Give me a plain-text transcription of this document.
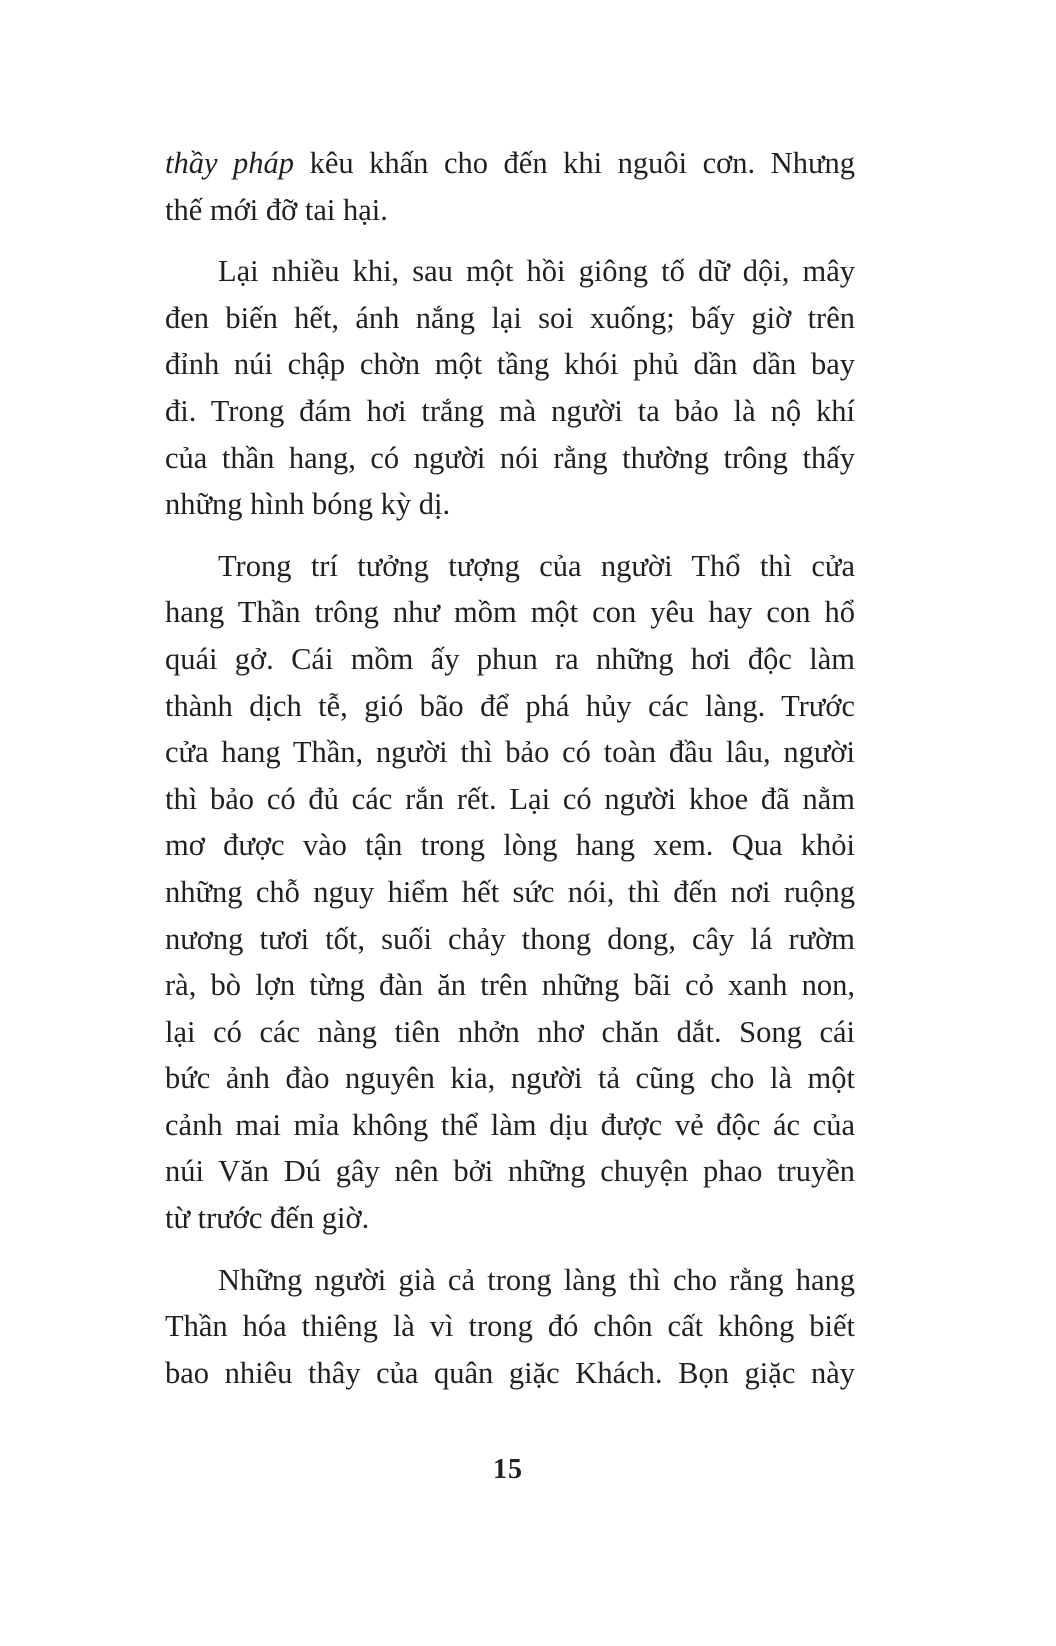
thầy pháp kêu khấn cho đến khi nguôi cơn. Nhưng
thế mới đỡ tai hại.
Lại nhiều khi, sau một hồi giông tố dữ dội, mây
đen biến hết, ánh nắng lại soi xuống; bấy giờ trên
đỉnh núi chập chờn một tầng khói phủ dần dần bay
đi. Trong đám hơi trắng mà người ta bảo là nộ khí
của thần hang, có người nói rằng thường trông thấy
những hình bóng kỳ dị.
Trong trí tưởng tượng của người Thổ thì cửa
hang Thần trông như mồm một con yêu hay con hổ
quái gở. Cái mồm ấy phun ra những hơi độc làm
thành dịch tễ, gió bão để phá hủy các làng. Trước
cửa hang Thần, người thì bảo có toàn đầu lâu, người
thì bảo có đủ các rắn rết. Lại có người khoe đã nằm
mơ được vào tận trong lòng hang xem. Qua khỏi
những chỗ nguy hiểm hết sức nói, thì đến nơi ruộng
nương tươi tốt, suối chảy thong dong, cây lá rườm
rà, bò lợn từng đàn ăn trên những bãi cỏ xanh non,
lại có các nàng tiên nhởn nhơ chăn dắt. Song cái
bức ảnh đào nguyên kia, người tả cũng cho là một
cảnh mai mỉa không thể làm dịu được vẻ độc ác của
núi Văn Dú gây nên bởi những chuyện phao truyền
từ trước đến giờ.
Những người già cả trong làng thì cho rằng hang
Thần hóa thiêng là vì trong đó chôn cất không biết
bao nhiêu thây của quân giặc Khách. Bọn giặc này
15
